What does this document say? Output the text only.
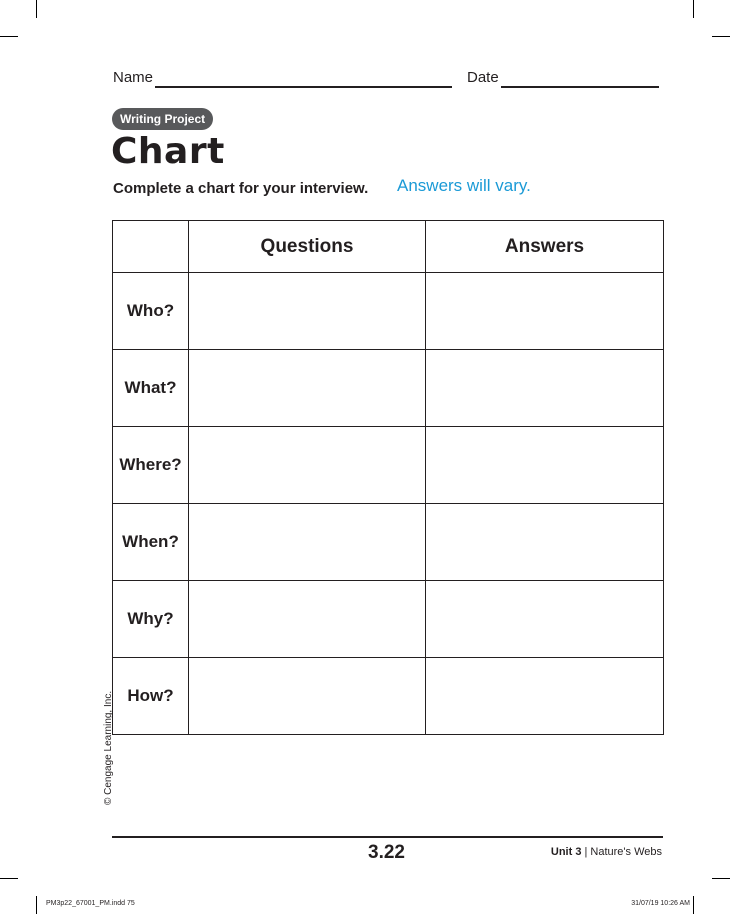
Name	Date
Writing Project
Chart
Complete a chart for your interview. Answers will vary.
	Questions	Answers
Who?		
What?		
Where?		
When?		
Why?		
How?		
© Cengage Learning, Inc.
3.22	Unit 3 | Nature's Webs
PM3p22_67001_PM.indd 75	31/07/19 10:26 AM
